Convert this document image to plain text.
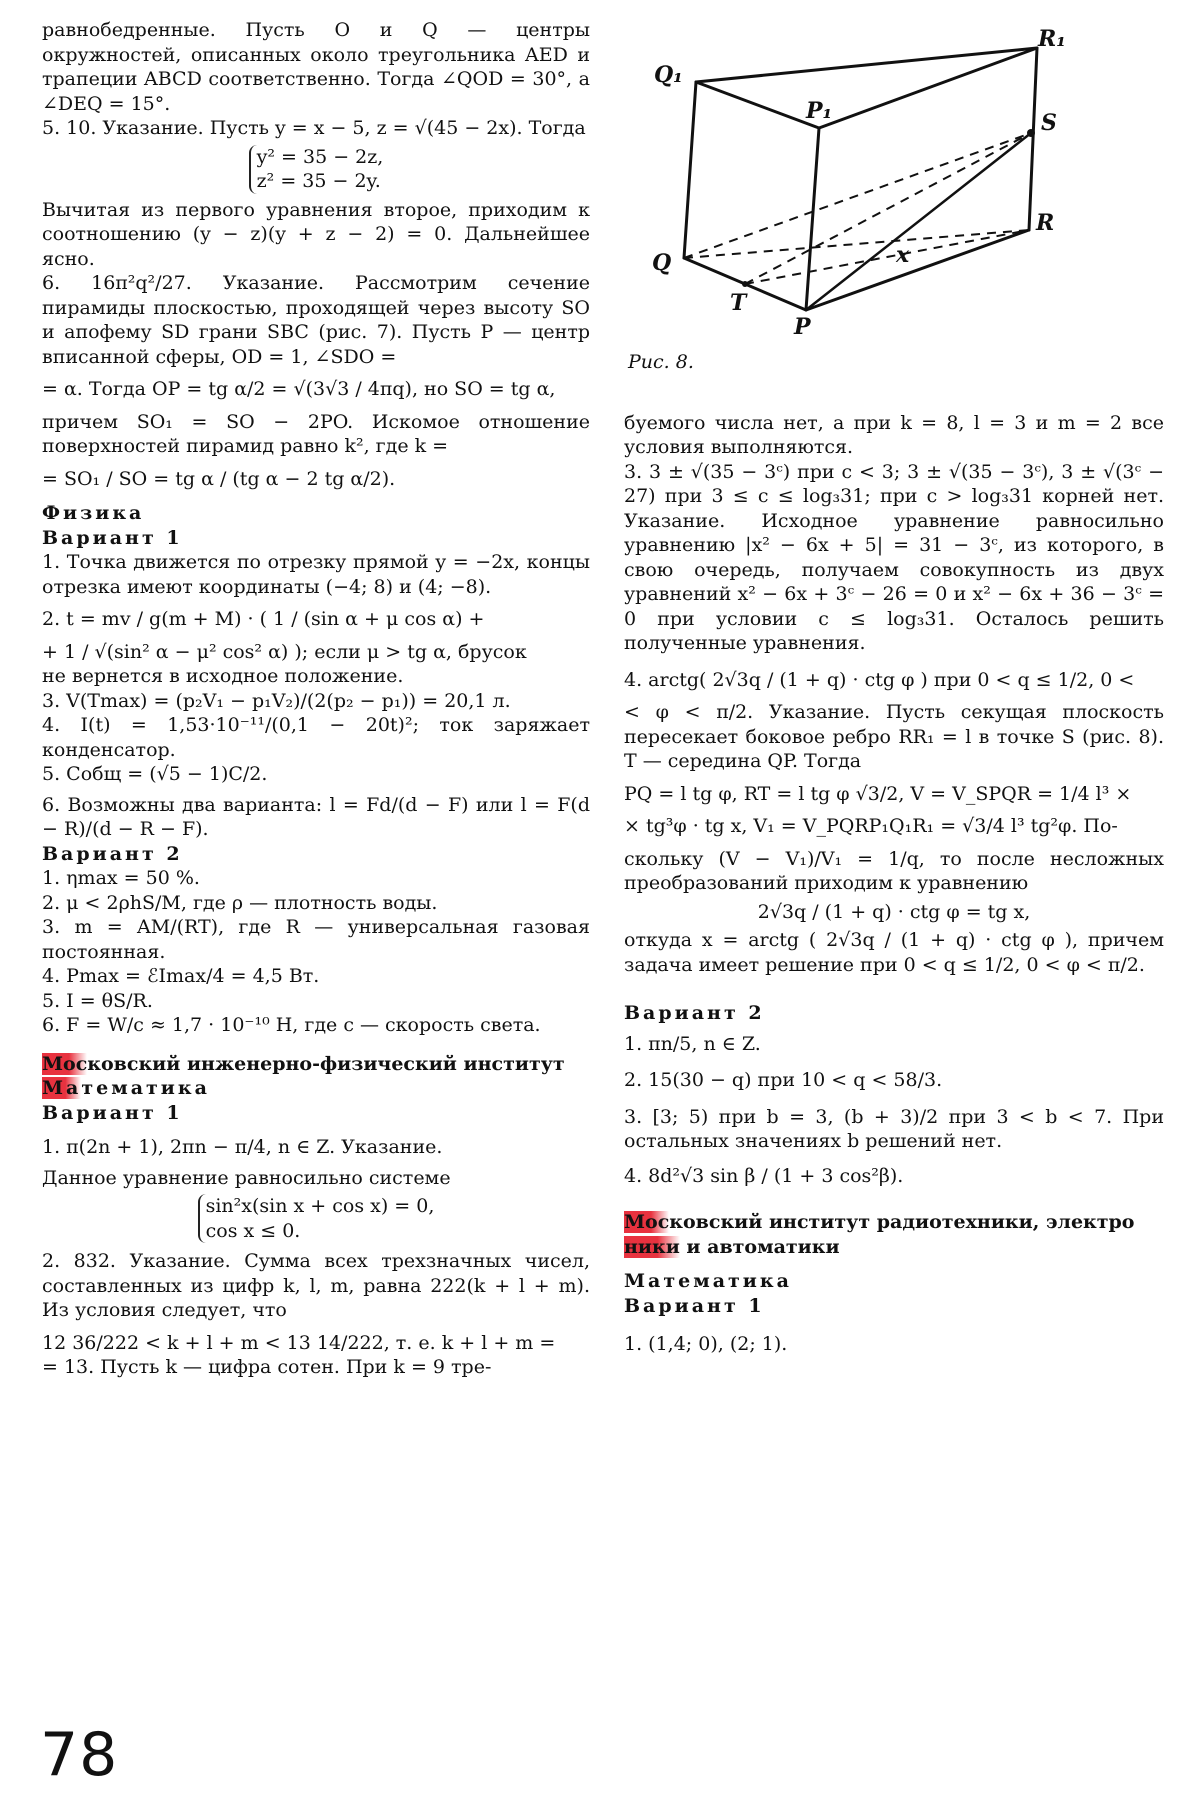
равнобедренные. Пусть O и Q — центры окружностей, описанных около треугольника AED и трапеции ABCD соответственно. Тогда ∠QOD = 30°, а ∠DEQ = 15°.

5. 10. Указание. Пусть y = x − 5, z = √(45 − 2x). Тогда

y² = 35 − 2z,
z² = 35 − 2y.

Вычитая из первого уравнения второе, приходим к соотношению (y − z)(y + z − 2) = 0. Дальнейшее ясно.

6. 16π²q²/27. Указание. Рассмотрим сечение пирамиды плоскостью, проходящей через высоту SO и апофему SD грани SBC (рис. 7). Пусть P — центр вписанной сферы, OD = 1, ∠SDO =

= α. Тогда OP = tg α/2 = √(3√3 / 4πq), но SO = tg α,

причем SO₁ = SO − 2PO. Искомое отношение поверхностей пирамид равно k², где k =

= SO₁ / SO = tg α / (tg α − 2 tg α/2).

Физика
Вариант 1

1. Точка движется по отрезку прямой y = −2x, концы отрезка имеют координаты (−4; 8) и (4; −8).

2. t = mv / g(m + M) · ( 1 / (sin α + μ cos α) +

+ 1 / √(sin² α − μ² cos² α) ); если μ > tg α, брусок

не вернется в исходное положение.

3. V(Tmax) = (p₂V₁ − p₁V₂)/(2(p₂ − p₁)) = 20,1 л.

4. I(t) = 1,53·10⁻¹¹/(0,1 − 20t)²; ток заряжает конденсатор.

5. Cобщ = (√5 − 1)C/2.

6. Возможны два варианта: l = Fd/(d − F) или l = F(d − R)/(d − R − F).

Вариант 2

1. ηmax = 50 %.

2. μ < 2ρhS/M, где ρ — плотность воды.

3. m = AM/(RT), где R — универсальная газовая постоянная.

4. Pmax = ℰImax/4 = 4,5 Вт.

5. I = θS/R.

6. F = W/c ≈ 1,7 · 10⁻¹⁰ Н, где c — скорость света.

Московский инженерно-физический институт
Математика
Вариант 1

1. π(2n + 1), 2πn − π/4, n ∈ Z. Указание.

Данное уравнение равносильно системе

sin²x(sin x + cos x) = 0,
cos x ≤ 0.

2. 832. Указание. Сумма всех трехзначных чисел, составленных из цифр k, l, m, равна 222(k + l + m). Из условия следует, что

12 36/222 < k + l + m < 13 14/222, т. е. k + l + m =

= 13. Пусть k — цифра сотен. При k = 9 тре-

Q₁
R₁
P₁	S
R
Q
T
P
x
Рис. 8.

буемого числа нет, а при k = 8, l = 3 и m = 2 все условия выполняются.

3. 3 ± √(35 − 3ᶜ) при c < 3; 3 ± √(35 − 3ᶜ), 3 ± √(3ᶜ − 27) при 3 ≤ c ≤ log₃31; при c > log₃31 корней нет. Указание. Исходное уравнение равносильно уравнению |x² − 6x + 5| = 31 − 3ᶜ, из которого, в свою очередь, получаем совокупность из двух уравнений x² − 6x + 3ᶜ − 26 = 0 и x² − 6x + 36 − 3ᶜ = 0 при условии c ≤ log₃31. Осталось решить полученные уравнения.

4. arctg( 2√3q / (1 + q) · ctg φ ) при 0 < q ≤ 1/2, 0 <

< φ < π/2. Указание. Пусть секущая плоскость пересекает боковое ребро RR₁ = l в точке S (рис. 8). T — середина QP. Тогда

PQ = l tg φ, RT = l tg φ √3/2, V = V_SPQR = 1/4 l³ ×

× tg³φ · tg x, V₁ = V_PQRP₁Q₁R₁ = √3/4 l³ tg²φ. По-

скольку (V − V₁)/V₁ = 1/q, то после несложных преобразований приходим к уравнению

2√3q / (1 + q) · ctg φ = tg x,

откуда x = arctg ( 2√3q / (1 + q) · ctg φ ), причем задача имеет решение при 0 < q ≤ 1/2, 0 < φ < π/2.

Вариант 2

1. πn/5, n ∈ Z.

2. 15(30 − q) при 10 < q < 58/3.

3. [3; 5) при b = 3, (b + 3)/2 при 3 < b < 7. При остальных значениях b решений нет.

4. 8d²√3 sin β / (1 + 3 cos²β).

Московский институт радиотехники, электро
ники и автоматики
Математика
Вариант 1

1. (1,4; 0), (2; 1).

78
